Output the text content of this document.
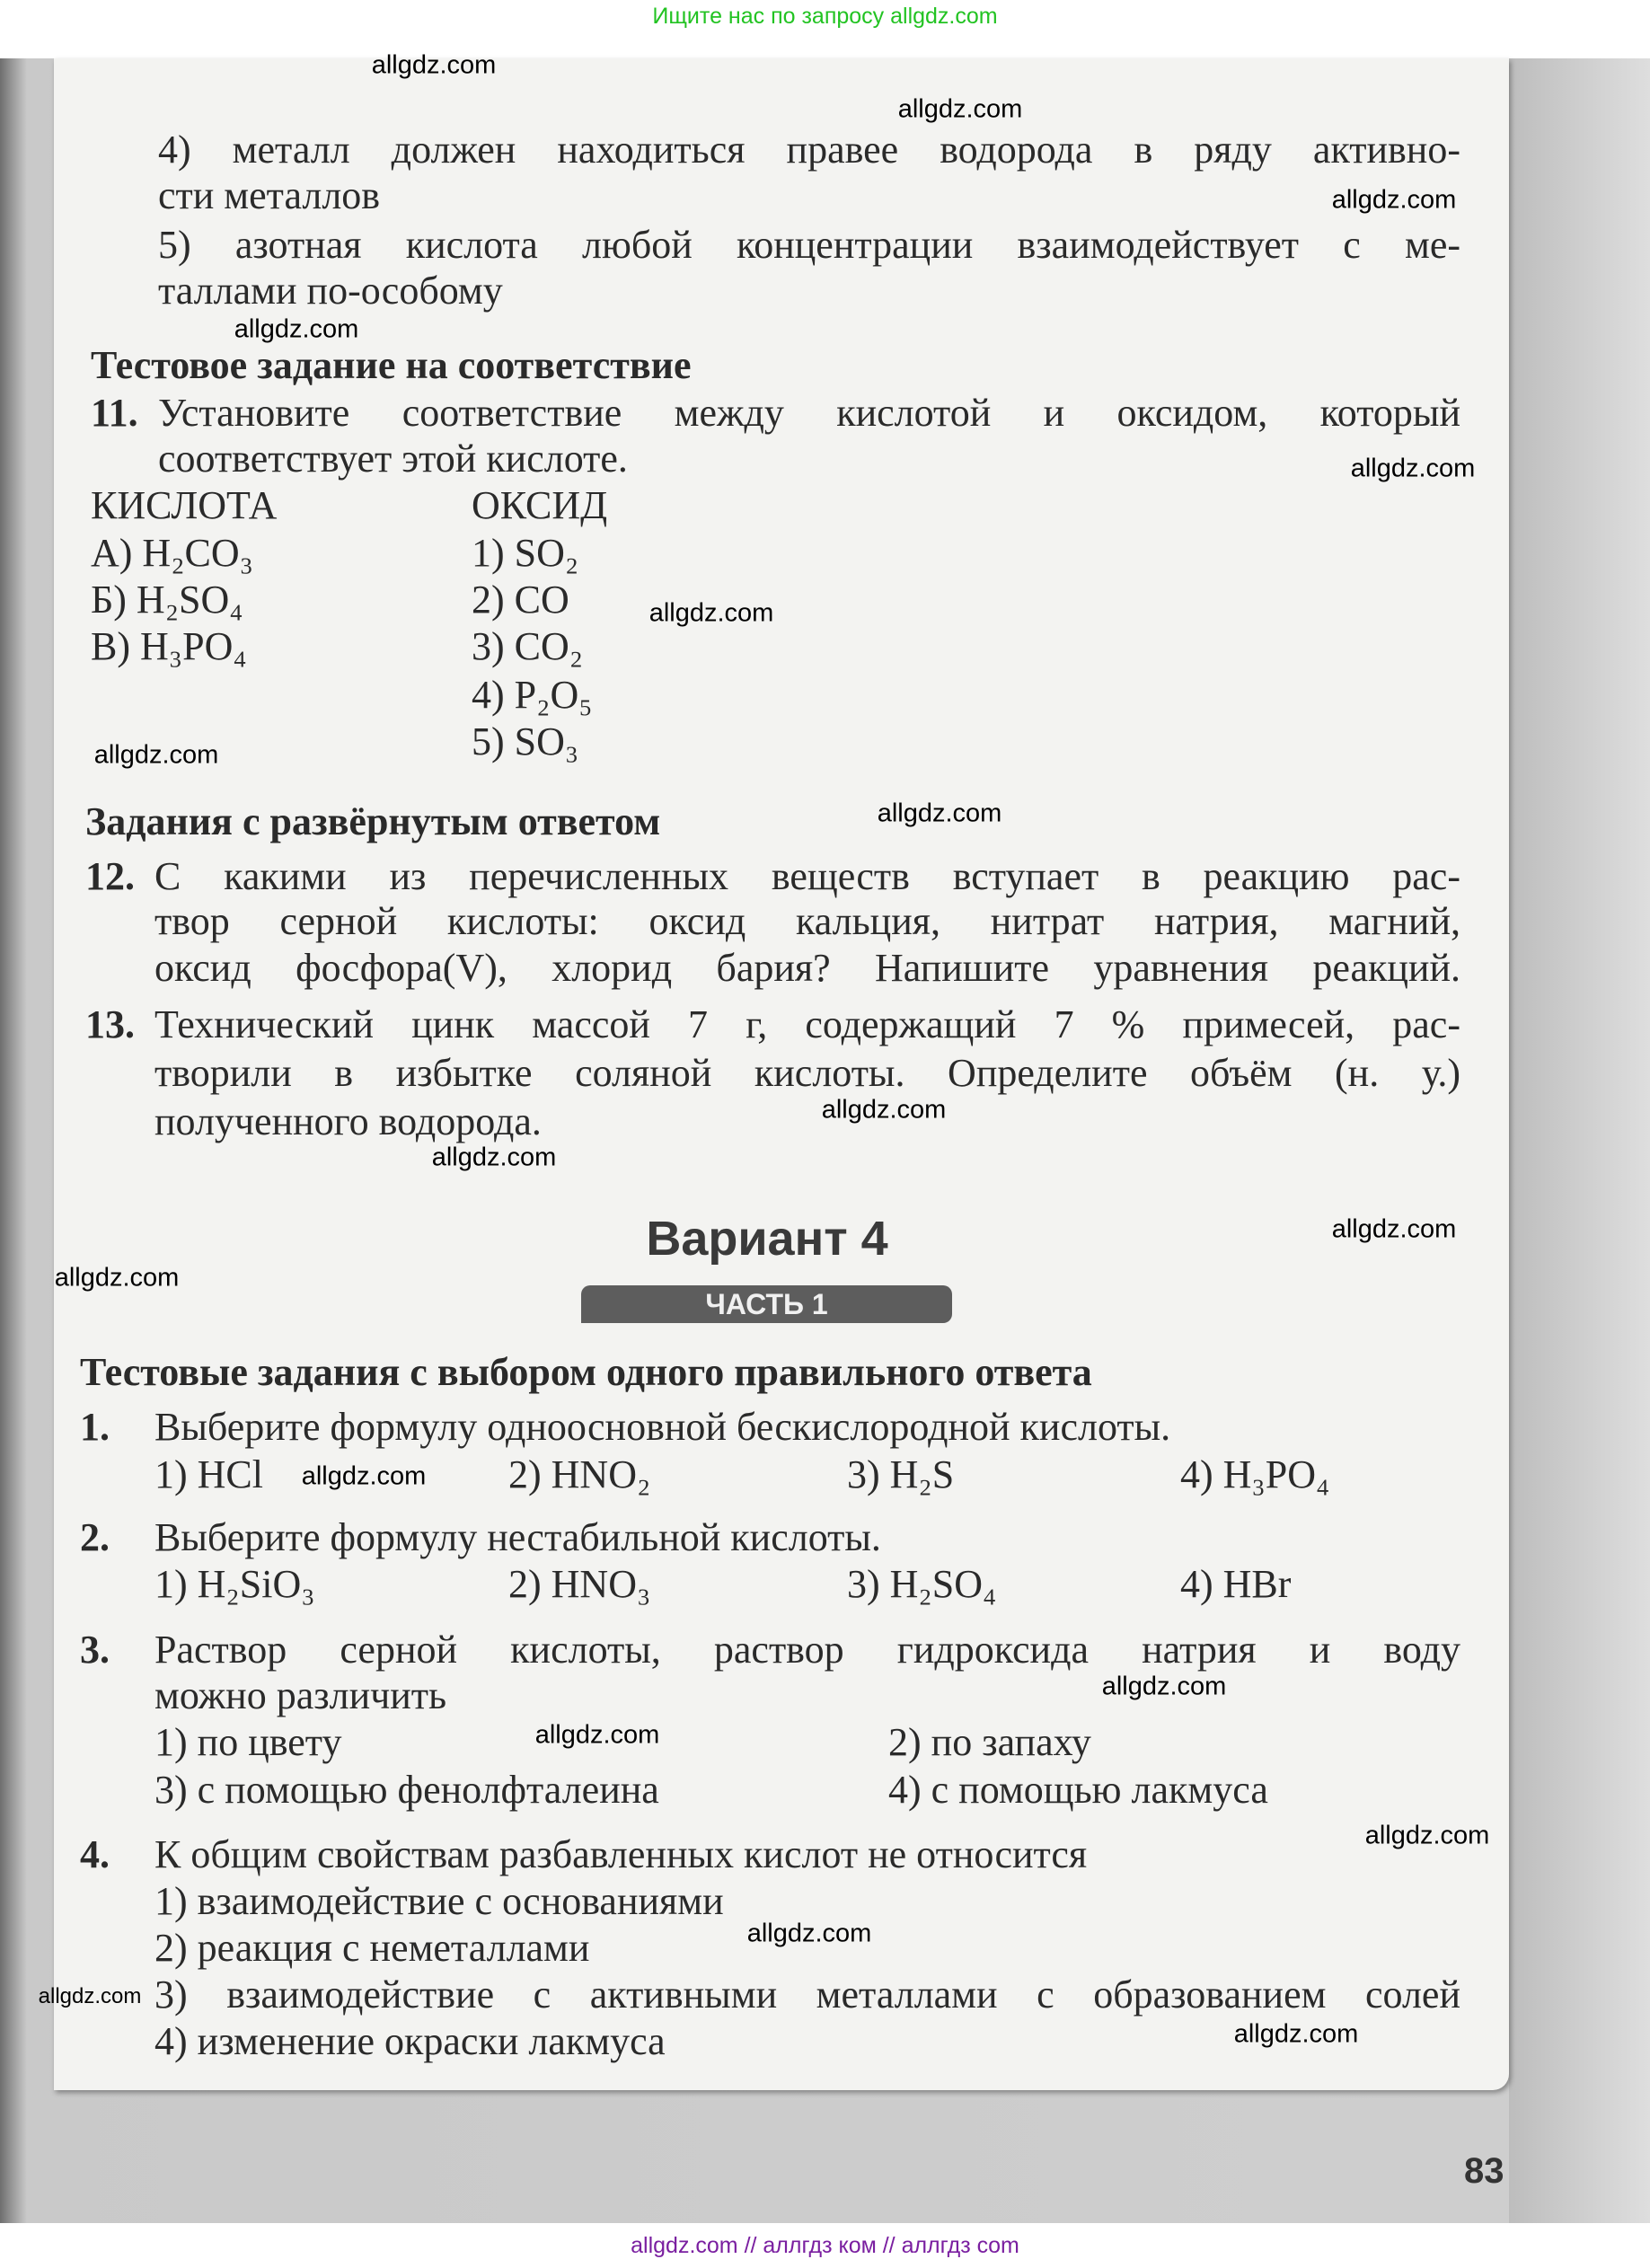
Ищите нас по запросу allgdz.com
4) металл должен находиться правее водорода в ряду активно-
сти металлов
5) азотная кислота любой концентрации взаимодействует с ме-
таллами по-особому
Тестовое задание на соответствие
11. Установите соответствие между кислотой и оксидом, который
соответствует этой кислоте.
КИСЛОТА	ОКСИД
А) H₂CO₃
Б) H₂SO₄
В) H₃PO₄
1) SO₂
2) CO
3) CO₂
4) P₂O₅
5) SO₃
Задания с развёрнутым ответом
12. С какими из перечисленных веществ вступает в реакцию рас-
твор серной кислоты: оксид кальция, нитрат натрия, магний,
оксид фосфора(V), хлорид бария? Напишите уравнения реакций.
13. Технический цинк массой 7 г, содержащий 7 % примесей, рас-
творили в избытке соляной кислоты. Определите объём (н. у.)
полученного водорода.
Вариант 4
ЧАСТЬ 1
Тестовые задания с выбором одного правильного ответа
1. Выберите формулу одноосновной бескислородной кислоты.
1) HCl	2) HNO₂	3) H₂S	4) H₃PO₄
2. Выберите формулу нестабильной кислоты.
1) H₂SiO₃	2) HNO₃	3) H₂SO₄	4) HBr
3. Раствор серной кислоты, раствор гидроксида натрия и воду
можно различить
1) по цвету	2) по запаху
3) с помощью фенолфталеина	4) с помощью лакмуса
4. К общим свойствам разбавленных кислот не относится
1) взаимодействие с основаниями
2) реакция с неметаллами
3) взаимодействие с активными металлами с образованием солей
4) изменение окраски лакмуса
83
allgdz.com
allgdz.com
allgdz.com
allgdz.com
allgdz.com
allgdz.com
allgdz.com
allgdz.com
allgdz.com
allgdz.com
allgdz.com
allgdz.com
allgdz.com
allgdz.com
allgdz.com
allgdz.com
allgdz.com
allgdz.com
allgdz.com
allgdz.com // аллгдз ком // аллгдз com
